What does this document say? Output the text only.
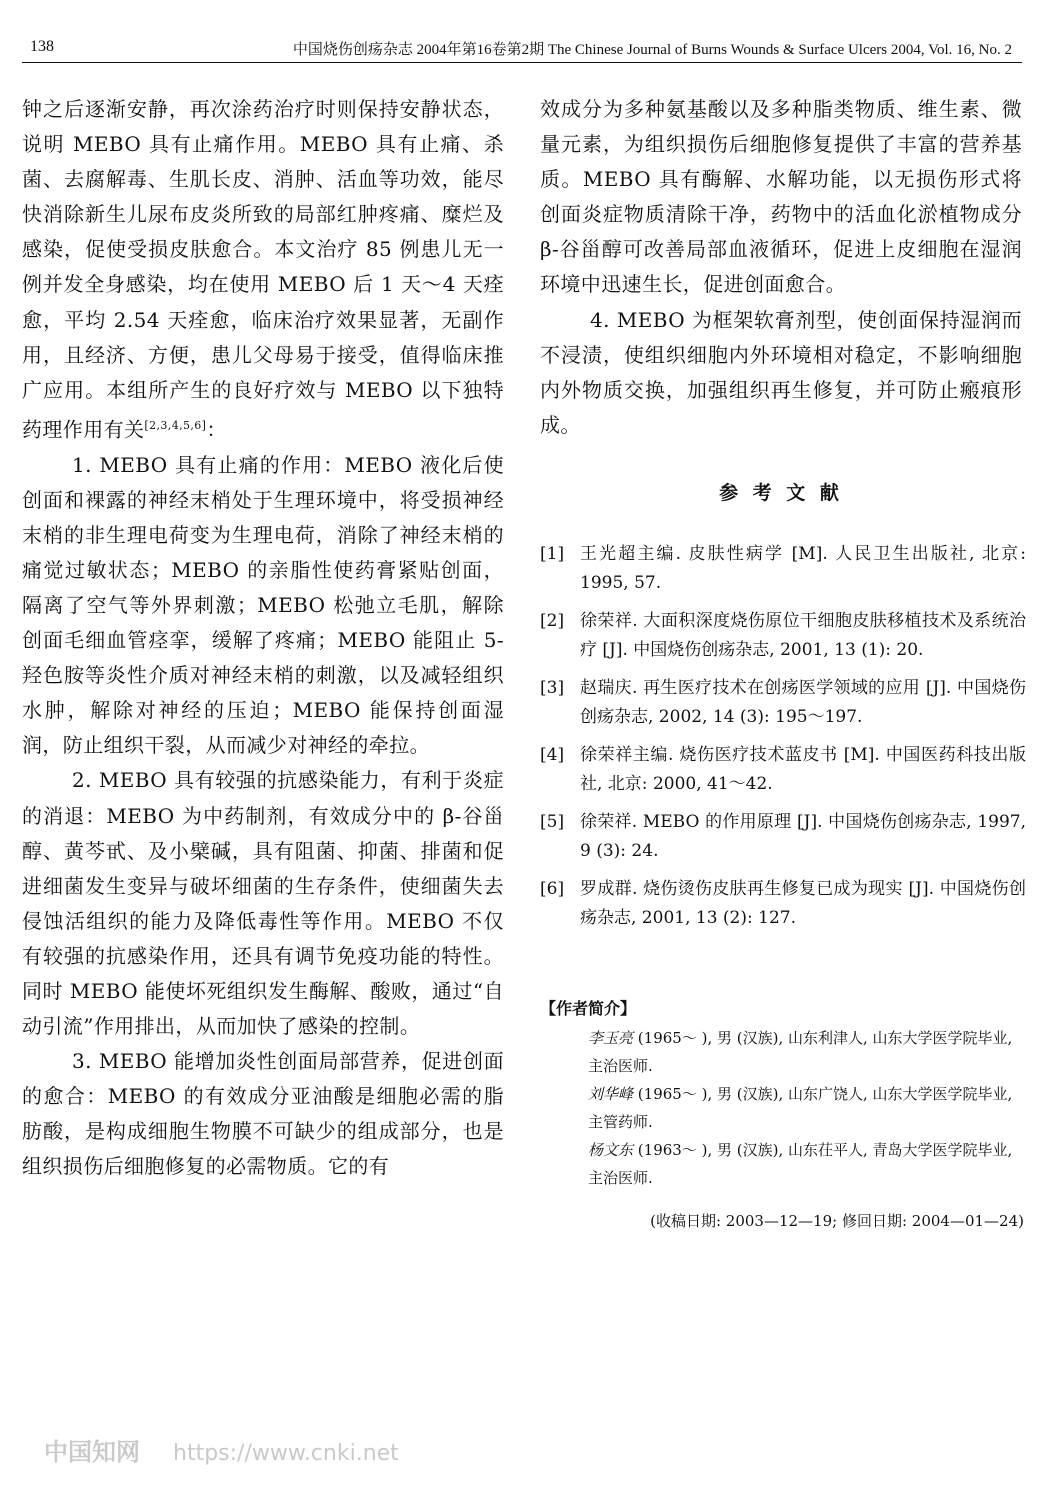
138	中国烧伤创疡杂志 2004年第16卷第2期 The Chinese Journal of Burns Wounds & Surface Ulcers 2004, Vol. 16, No. 2

钟之后逐渐安静，再次涂药治疗时则保持安静状态，说明 MEBO 具有止痛作用。MEBO 具有止痛、杀菌、去腐解毒、生肌长皮、消肿、活血等功效，能尽快消除新生儿尿布皮炎所致的局部红肿疼痛、糜烂及感染，促使受损皮肤愈合。本文治疗 85 例患儿无一例并发全身感染，均在使用 MEBO 后 1 天～4 天痊愈，平均 2.54 天痊愈，临床治疗效果显著，无副作用，且经济、方便，患儿父母易于接受，值得临床推广应用。本组所产生的良好疗效与 MEBO 以下独特药理作用有关[2,3,4,5,6]：

1. MEBO 具有止痛的作用：MEBO 液化后使创面和裸露的神经末梢处于生理环境中，将受损神经末梢的非生理电荷变为生理电荷，消除了神经末梢的痛觉过敏状态；MEBO 的亲脂性使药膏紧贴创面，隔离了空气等外界刺激；MEBO 松弛立毛肌，解除创面毛细血管痉挛，缓解了疼痛；MEBO 能阻止 5-羟色胺等炎性介质对神经末梢的刺激，以及减轻组织水肿，解除对神经的压迫；MEBO 能保持创面湿润，防止组织干裂，从而减少对神经的牵拉。

2. MEBO 具有较强的抗感染能力，有利于炎症的消退：MEBO 为中药制剂，有效成分中的 β-谷甾醇、黄芩甙、及小檗碱，具有阻菌、抑菌、排菌和促进细菌发生变异与破坏细菌的生存条件，使细菌失去侵蚀活组织的能力及降低毒性等作用。MEBO 不仅有较强的抗感染作用，还具有调节免疫功能的特性。同时 MEBO 能使坏死组织发生酶解、酸败，通过“自动引流”作用排出，从而加快了感染的控制。

3. MEBO 能增加炎性创面局部营养，促进创面的愈合：MEBO 的有效成分亚油酸是细胞必需的脂肪酸，是构成细胞生物膜不可缺少的组成部分，也是组织损伤后细胞修复的必需物质。它的有

效成分为多种氨基酸以及多种脂类物质、维生素、微量元素，为组织损伤后细胞修复提供了丰富的营养基质。MEBO 具有酶解、水解功能，以无损伤形式将创面炎症物质清除干净，药物中的活血化淤植物成分 β-谷甾醇可改善局部血液循环，促进上皮细胞在湿润环境中迅速生长，促进创面愈合。

4. MEBO 为框架软膏剂型，使创面保持湿润而不浸渍，使组织细胞内外环境相对稳定，不影响细胞内外物质交换，加强组织再生修复，并可防止瘢痕形成。

参 考 文 献
[1] 王光超主编. 皮肤性病学 [M]. 人民卫生出版社, 北京: 1995, 57.
[2] 徐荣祥. 大面积深度烧伤原位干细胞皮肤移植技术及系统治疗 [J]. 中国烧伤创疡杂志, 2001, 13 (1): 20.
[3] 赵瑞庆. 再生医疗技术在创疡医学领域的应用 [J]. 中国烧伤创疡杂志, 2002, 14 (3): 195～197.
[4] 徐荣祥主编. 烧伤医疗技术蓝皮书 [M]. 中国医药科技出版社, 北京: 2000, 41～42.
[5] 徐荣祥. MEBO 的作用原理 [J]. 中国烧伤创疡杂志, 1997, 9 (3): 24.
[6] 罗成群. 烧伤烫伤皮肤再生修复已成为现实 [J]. 中国烧伤创疡杂志, 2001, 13 (2): 127.
【作者简介】
李玉亮 (1965～ ), 男 (汉族), 山东利津人, 山东大学医学院毕业, 主治医师.
刘华峰 (1965～ ), 男 (汉族), 山东广饶人, 山东大学医学院毕业, 主管药师.
杨文东 (1963～ ), 男 (汉族), 山东茌平人, 青岛大学医学院毕业, 主治医师.
(收稿日期: 2003—12—19; 修回日期: 2004—01—24)
中国知网 https://www.cnki.net
